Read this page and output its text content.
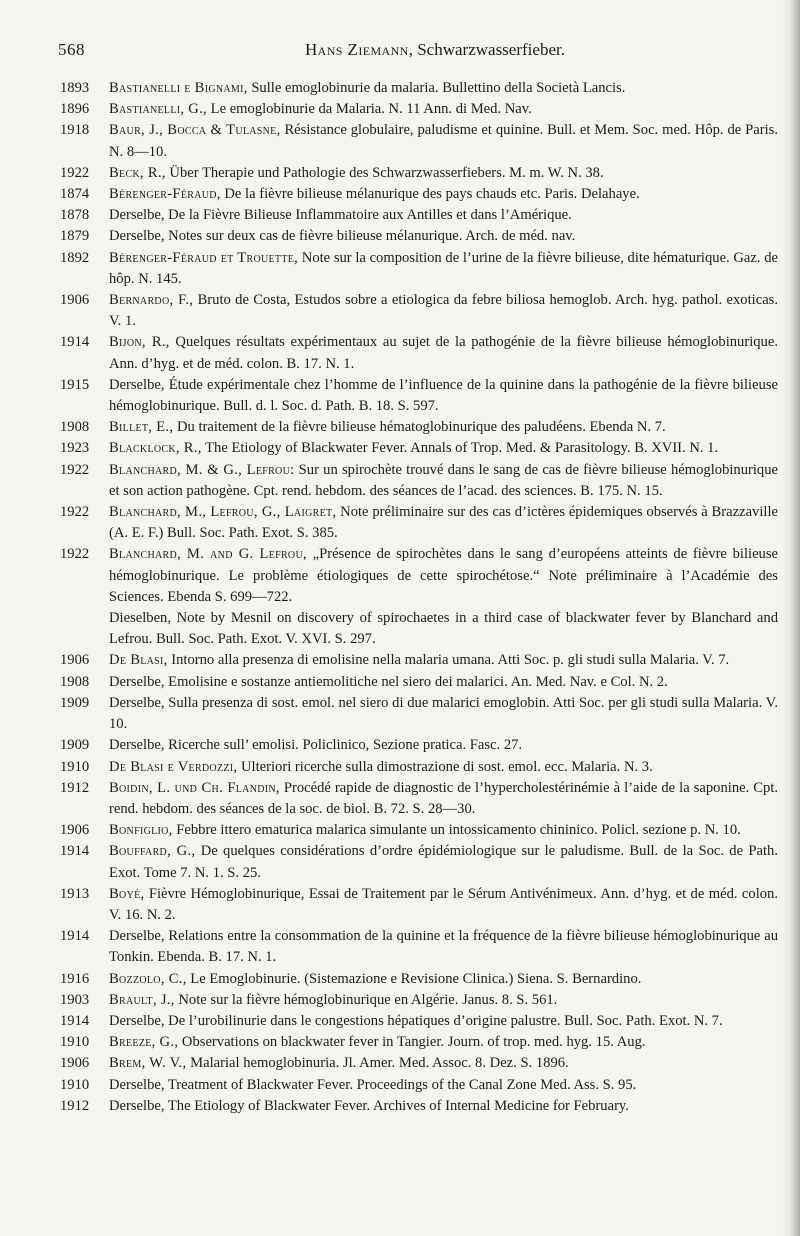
568	Hans Ziemann, Schwarzwasserfieber.

1893 Bastianelli e Bignami, Sulle emoglobinurie da malaria. Bullettino della Società Lancis.

1896 Bastianelli, G., Le emoglobinurie da Malaria. N. 11 Ann. di Med. Nav.

1918 Baur, J., Bocca & Tulasne, Résistance globulaire, paludisme et quinine. Bull. et Mem. Soc. med. Hôp. de Paris. N. 8—10.

1922 Beck, R., Über Therapie und Pathologie des Schwarzwasserfiebers. M. m. W. N. 38.

1874 Bérenger-Féraud, De la fièvre bilieuse mélanurique des pays chauds etc. Paris. Delahaye.

1878 Derselbe, De la Fièvre Bilieuse Inflammatoire aux Antilles et dans l’Amérique.

1879 Derselbe, Notes sur deux cas de fièvre bilieuse mélanurique. Arch. de méd. nav.

1892 Bérenger-Féraud et Trouette, Note sur la composition de l’urine de la fièvre bilieuse, dite hématurique. Gaz. de hôp. N. 145.

1906 Bernardo, F., Bruto de Costa, Estudos sobre a etiologica da febre biliosa hemoglob. Arch. hyg. pathol. exoticas. V. 1.

1914 Bijon, R., Quelques résultats expérimentaux au sujet de la pathogénie de la fièvre bilieuse hémoglobinurique. Ann. d’hyg. et de méd. colon. B. 17. N. 1.

1915 Derselbe, Étude expérimentale chez l’homme de l’influence de la quinine dans la pathogénie de la fièvre bilieuse hémoglobinurique. Bull. d. l. Soc. d. Path. B. 18. S. 597.

1908 Billet, E., Du traitement de la fièvre bilieuse hématoglobinurique des paludéens. Ebenda N. 7.

1923 Blacklock, R., The Etiology of Blackwater Fever. Annals of Trop. Med. & Parasitology. B. XVII. N. 1.

1922 Blanchard, M. & G., Lefrou: Sur un spirochète trouvé dans le sang de cas de fièvre bilieuse hémoglobinurique et son action pathogène. Cpt. rend. hebdom. des séances de l’acad. des sciences. B. 175. N. 15.

1922 Blanchard, M., Lefrou, G., Laigret, Note préliminaire sur des cas d’ictères épidemiques observés à Brazzaville (A. E. F.) Bull. Soc. Path. Exot. S. 385.

1922 Blanchard, M. and G. Lefrou, „Présence de spirochètes dans le sang d’européens atteints de fièvre bilieuse hémoglobinurique. Le problème étiologiques de cette spirochétose.“ Note préliminaire à l’Académie des Sciences. Ebenda S. 699—722.

Dieselben, Note by Mesnil on discovery of spirochaetes in a third case of blackwater fever by Blanchard and Lefrou. Bull. Soc. Path. Exot. V. XVI. S. 297.

1906 De Blasi, Intorno alla presenza di emolisine nella malaria umana. Atti Soc. p. gli studi sulla Malaria. V. 7.

1908 Derselbe, Emolisine e sostanze antiemolitiche nel siero dei malarici. An. Med. Nav. e Col. N. 2.

1909 Derselbe, Sulla presenza di sost. emol. nel siero di due malarici emoglobin. Atti Soc. per gli studi sulla Malaria. V. 10.

1909 Derselbe, Ricerche sull’ emolisi. Policlinico, Sezione pratica. Fasc. 27.

1910 De Blasi e Verdozzi, Ulteriori ricerche sulla dimostrazione di sost. emol. ecc. Malaria. N. 3.

1912 Boidin, L. und Ch. Flandin, Procédé rapide de diagnostic de l’hypercholestérinémie à l’aide de la saponine. Cpt. rend. hebdom. des séances de la soc. de biol. B. 72. S. 28—30.

1906 Bonfiglio, Febbre ittero ematurica malarica simulante un intossicamento chininico. Policl. sezione p. N. 10.

1914 Bouffard, G., De quelques considérations d’ordre épidémiologique sur le paludisme. Bull. de la Soc. de Path. Exot. Tome 7. N. 1. S. 25.

1913 Boyé, Fièvre Hémoglobinurique, Essai de Traitement par le Sérum Antivénimeux. Ann. d’hyg. et de méd. colon. V. 16. N. 2.

1914 Derselbe, Relations entre la consommation de la quinine et la fréquence de la fièvre bilieuse hémoglobinurique au Tonkin. Ebenda. B. 17. N. 1.

1916 Bozzolo, C., Le Emoglobinurie. (Sistemazione e Revisione Clinica.) Siena. S. Bernardino.

1903 Brault, J., Note sur la fièvre hémoglobinurique en Algérie. Janus. 8. S. 561.

1914 Derselbe, De l’urobilinurie dans le congestions hépatiques d’origine palustre. Bull. Soc. Path. Exot. N. 7.

1910 Breeze, G., Observations on blackwater fever in Tangier. Journ. of trop. med. hyg. 15. Aug.

1906 Brem, W. V., Malarial hemoglobinuria. Jl. Amer. Med. Assoc. 8. Dez. S. 1896.

1910 Derselbe, Treatment of Blackwater Fever. Proceedings of the Canal Zone Med. Ass. S. 95.

1912 Derselbe, The Etiology of Blackwater Fever. Archives of Internal Medicine for February.
